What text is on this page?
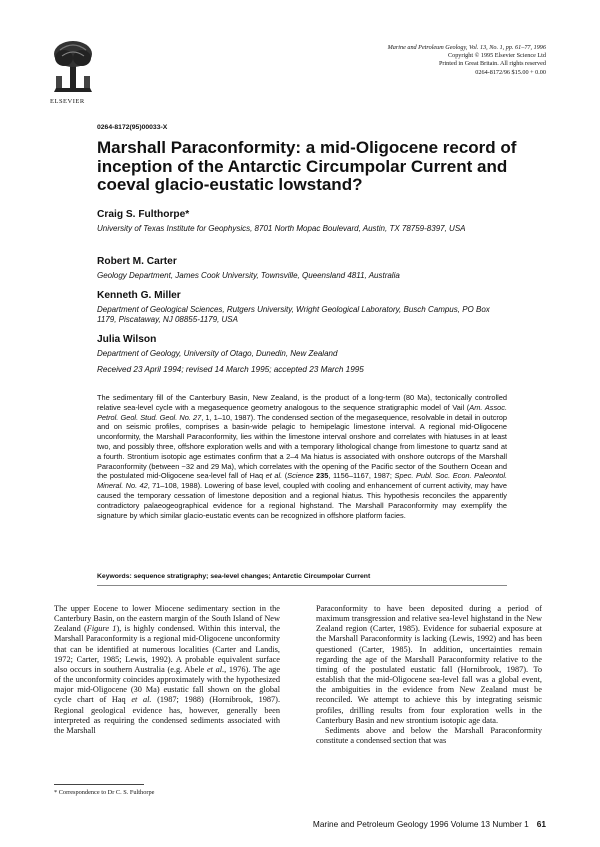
ELSEVIER
Marine and Petroleum Geology, Vol. 13, No. 1, pp. 61–77, 1996
Copyright © 1995 Elsevier Science Ltd
Printed in Great Britain. All rights reserved
0264-8172/96 $15.00 + 0.00
0264-8172(95)00033-X
Marshall Paraconformity: a mid-Oligocene record of inception of the Antarctic Circumpolar Current and coeval glacio-eustatic lowstand?
Craig S. Fulthorpe*
University of Texas Institute for Geophysics, 8701 North Mopac Boulevard, Austin, TX 78759-8397, USA
Robert M. Carter
Geology Department, James Cook University, Townsville, Queensland 4811, Australia
Kenneth G. Miller
Department of Geological Sciences, Rutgers University, Wright Geological Laboratory, Busch Campus, PO Box 1179, Piscataway, NJ 08855-1179, USA
Julia Wilson
Department of Geology, University of Otago, Dunedin, New Zealand
Received 23 April 1994; revised 14 March 1995; accepted 23 March 1995
The sedimentary fill of the Canterbury Basin, New Zealand, is the product of a long-term (80 Ma), tectonically controlled relative sea-level cycle with a megasequence geometry analogous to the sequence stratigraphic model of Vail (Am. Assoc. Petrol. Geol. Stud. Geol. No. 27, 1, 1–10, 1987). The condensed section of the megasequence, resolvable in detail in outcrop and on seismic profiles, comprises a basin-wide pelagic to hemipelagic limestone interval. A regional mid-Oligocene unconformity, the Marshall Paraconformity, lies within the limestone interval onshore and correlates with hiatuses in at least two, and possibly three, offshore exploration wells and with a temporary lithological change from limestone to quartz sand at a fourth. Strontium isotopic age estimates confirm that a 2–4 Ma hiatus is associated with onshore outcrops of the Marshall Paraconformity (between ~32 and 29 Ma), which correlates with the opening of the Pacific sector of the Southern Ocean and the postulated mid-Oligocene sea-level fall of Haq et al. (Science 235, 1156–1167, 1987; Spec. Publ. Soc. Econ. Paleontol. Mineral. No. 42, 71–108, 1988). Lowering of base level, coupled with cooling and enhancement of current activity, may have caused the temporary cessation of limestone deposition and a regional hiatus. This hypothesis reconciles the apparently contradictory palaeogeographical evidence for a regional highstand. The Marshall Paraconformity may exemplify the signature by which similar glacio-eustatic events can be recognized in offshore platform facies.
Keywords: sequence stratigraphy; sea-level changes; Antarctic Circumpolar Current

The upper Eocene to lower Miocene sedimentary section in the Canterbury Basin, on the eastern margin of the South Island of New Zealand (Figure 1), is highly condensed. Within this interval, the Marshall Paraconformity is a regional mid-Oligocene unconformity that can be identified at numerous localities (Carter and Landis, 1972; Carter, 1985; Lewis, 1992). A probable equivalent surface also occurs in southern Australia (e.g. Abele et al., 1976). The age of the unconformity coincides approximately with the hypothesized major mid-Oligocene (30 Ma) eustatic fall shown on the global cycle chart of Haq et al. (1987; 1988) (Hornibrook, 1987). Regional geological evidence has, however, generally been interpreted as requiring the condensed sediments associated with the Marshall

Paraconformity to have been deposited during a period of maximum transgression and relative sea-level highstand in the New Zealand region (Carter, 1985). Evidence for subaerial exposure at the Marshall Paraconformity is lacking (Lewis, 1992) and has been questioned (Carter, 1985). In addition, uncertainties remain regarding the age of the Marshall Paraconformity relative to the timing of the postulated eustatic fall (Hornibrook, 1987). To establish that the mid-Oligocene sea-level fall was a global event, the ambiguities in the evidence from New Zealand must be reconciled. We attempt to achieve this by integrating seismic profiles, drilling results from four exploration wells in the Canterbury Basin and new strontium isotopic age data.

Sediments above and below the Marshall Paraconformity constitute a condensed section that was

* Correspondence to Dr C. S. Fulthorpe
Marine and Petroleum Geology 1996 Volume 13 Number 1 61
